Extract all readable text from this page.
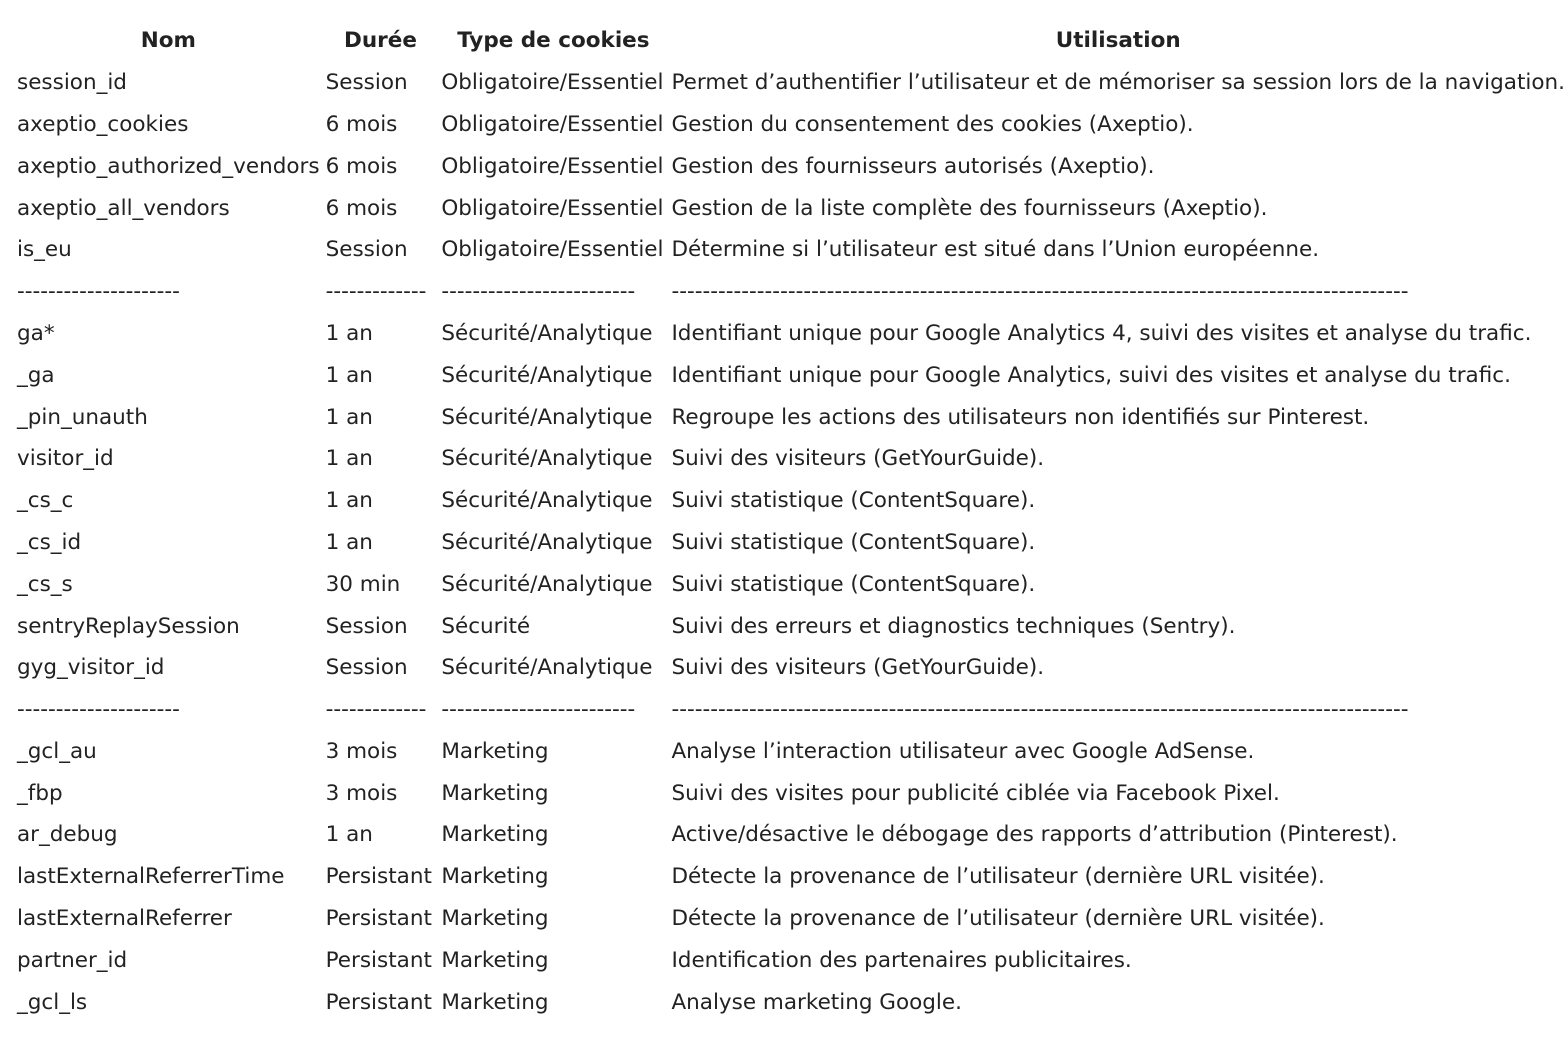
Nom	Durée	Type de cookies	Utilisation
session_id	Session	Obligatoire/Essentiel	Permet d’authentifier l’utilisateur et de mémoriser sa session lors de la navigation.
axeptio_cookies	6 mois	Obligatoire/Essentiel	Gestion du consentement des cookies (Axeptio).
axeptio_authorized_vendors	6 mois	Obligatoire/Essentiel	Gestion des fournisseurs autorisés (Axeptio).
axeptio_all_vendors	6 mois	Obligatoire/Essentiel	Gestion de la liste complète des fournisseurs (Axeptio).
is_eu	Session	Obligatoire/Essentiel	Détermine si l’utilisateur est situé dans l’Union européenne.
---------------------	-------------	-------------------------	-----------------------------------------------------------------------------------------------
ga*	1 an	Sécurité/Analytique	Identifiant unique pour Google Analytics 4, suivi des visites et analyse du trafic.
_ga	1 an	Sécurité/Analytique	Identifiant unique pour Google Analytics, suivi des visites et analyse du trafic.
_pin_unauth	1 an	Sécurité/Analytique	Regroupe les actions des utilisateurs non identifiés sur Pinterest.
visitor_id	1 an	Sécurité/Analytique	Suivi des visiteurs (GetYourGuide).
_cs_c	1 an	Sécurité/Analytique	Suivi statistique (ContentSquare).
_cs_id	1 an	Sécurité/Analytique	Suivi statistique (ContentSquare).
_cs_s	30 min	Sécurité/Analytique	Suivi statistique (ContentSquare).
sentryReplaySession	Session	Sécurité	Suivi des erreurs et diagnostics techniques (Sentry).
gyg_visitor_id	Session	Sécurité/Analytique	Suivi des visiteurs (GetYourGuide).
---------------------	-------------	-------------------------	-----------------------------------------------------------------------------------------------
_gcl_au	3 mois	Marketing	Analyse l’interaction utilisateur avec Google AdSense.
_fbp	3 mois	Marketing	Suivi des visites pour publicité ciblée via Facebook Pixel.
ar_debug	1 an	Marketing	Active/désactive le débogage des rapports d’attribution (Pinterest).
lastExternalReferrerTime	Persistant	Marketing	Détecte la provenance de l’utilisateur (dernière URL visitée).
lastExternalReferrer	Persistant	Marketing	Détecte la provenance de l’utilisateur (dernière URL visitée).
partner_id	Persistant	Marketing	Identification des partenaires publicitaires.
_gcl_ls	Persistant	Marketing	Analyse marketing Google.
